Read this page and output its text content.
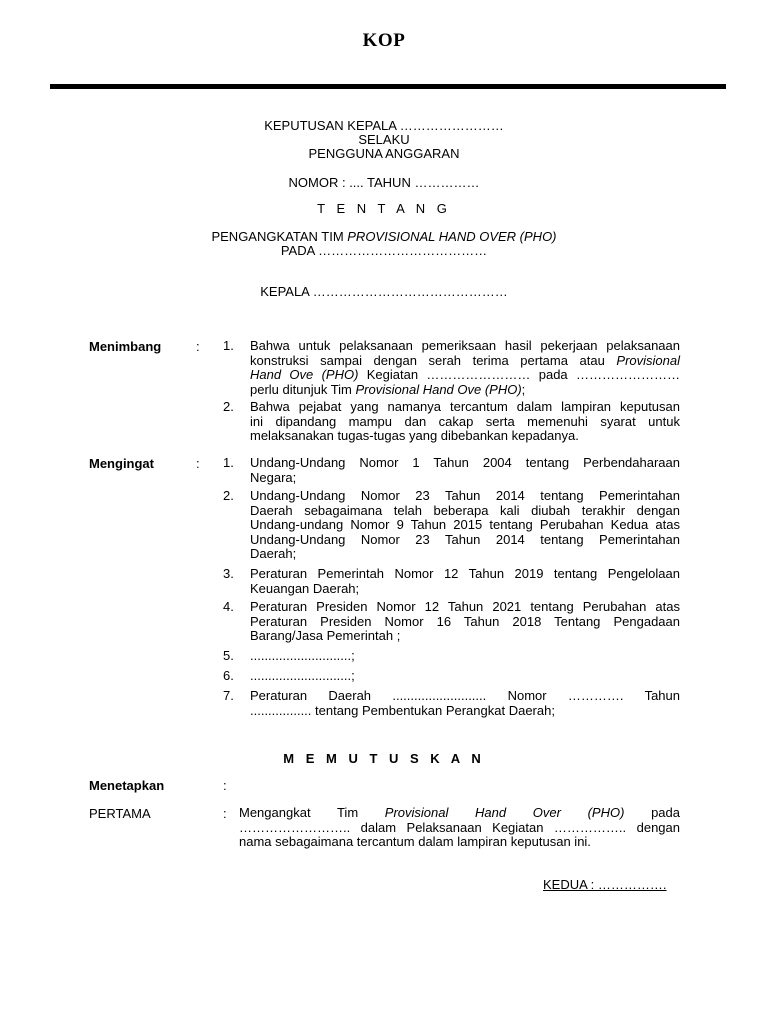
KOP
KEPUTUSAN KEPALA ……………………
SELAKU
PENGGUNA ANGGARAN
NOMOR : .... TAHUN ……………
T E N T A N G
PENGANGKATAN TIM PROVISIONAL HAND OVER (PHO)
PADA …………………………………
KEPALA ………………………………………
Menimbang	: 1. Bahwa untuk pelaksanaan pemeriksaan hasil pekerjaan pelaksanaan
konstruksi sampai dengan serah terima pertama atau Provisional
Hand Ove (PHO) Kegiatan …………………… pada ……………………
perlu ditunjuk Tim Provisional Hand Ove (PHO);
2. Bahwa pejabat yang namanya tercantum dalam lampiran keputusan
ini dipandang mampu dan cakap serta memenuhi syarat untuk
melaksanakan tugas-tugas yang dibebankan kepadanya.
Mengingat	: 1. Undang-Undang Nomor 1 Tahun 2004 tentang Perbendaharaan
Negara;
2. Undang-Undang Nomor 23 Tahun 2014 tentang Pemerintahan
Daerah sebagaimana telah beberapa kali diubah terakhir dengan
Undang-undang Nomor 9 Tahun 2015 tentang Perubahan Kedua atas
Undang-Undang Nomor 23 Tahun 2014 tentang Pemerintahan
Daerah;
3. Peraturan Pemerintah Nomor 12 Tahun 2019 tentang Pengelolaan
Keuangan Daerah;
4. Peraturan Presiden Nomor 12 Tahun 2021 tentang Perubahan atas
Peraturan Presiden Nomor 16 Tahun 2018 Tentang Pengadaan
Barang/Jasa Pemerintah ;
5. ............................;
6. ............................;
7. Peraturan Daerah .......................... Nomor …………. Tahun
................. tentang Pembentukan Perangkat Daerah;
M E M U T U S K A N
Menetapkan	:
PERTAMA	: Mengangkat Tim Provisional Hand Over (PHO) pada
…………………….. dalam Pelaksanaan Kegiatan …………….. dengan
nama sebagaimana tercantum dalam lampiran keputusan ini.
KEDUA : …………….
